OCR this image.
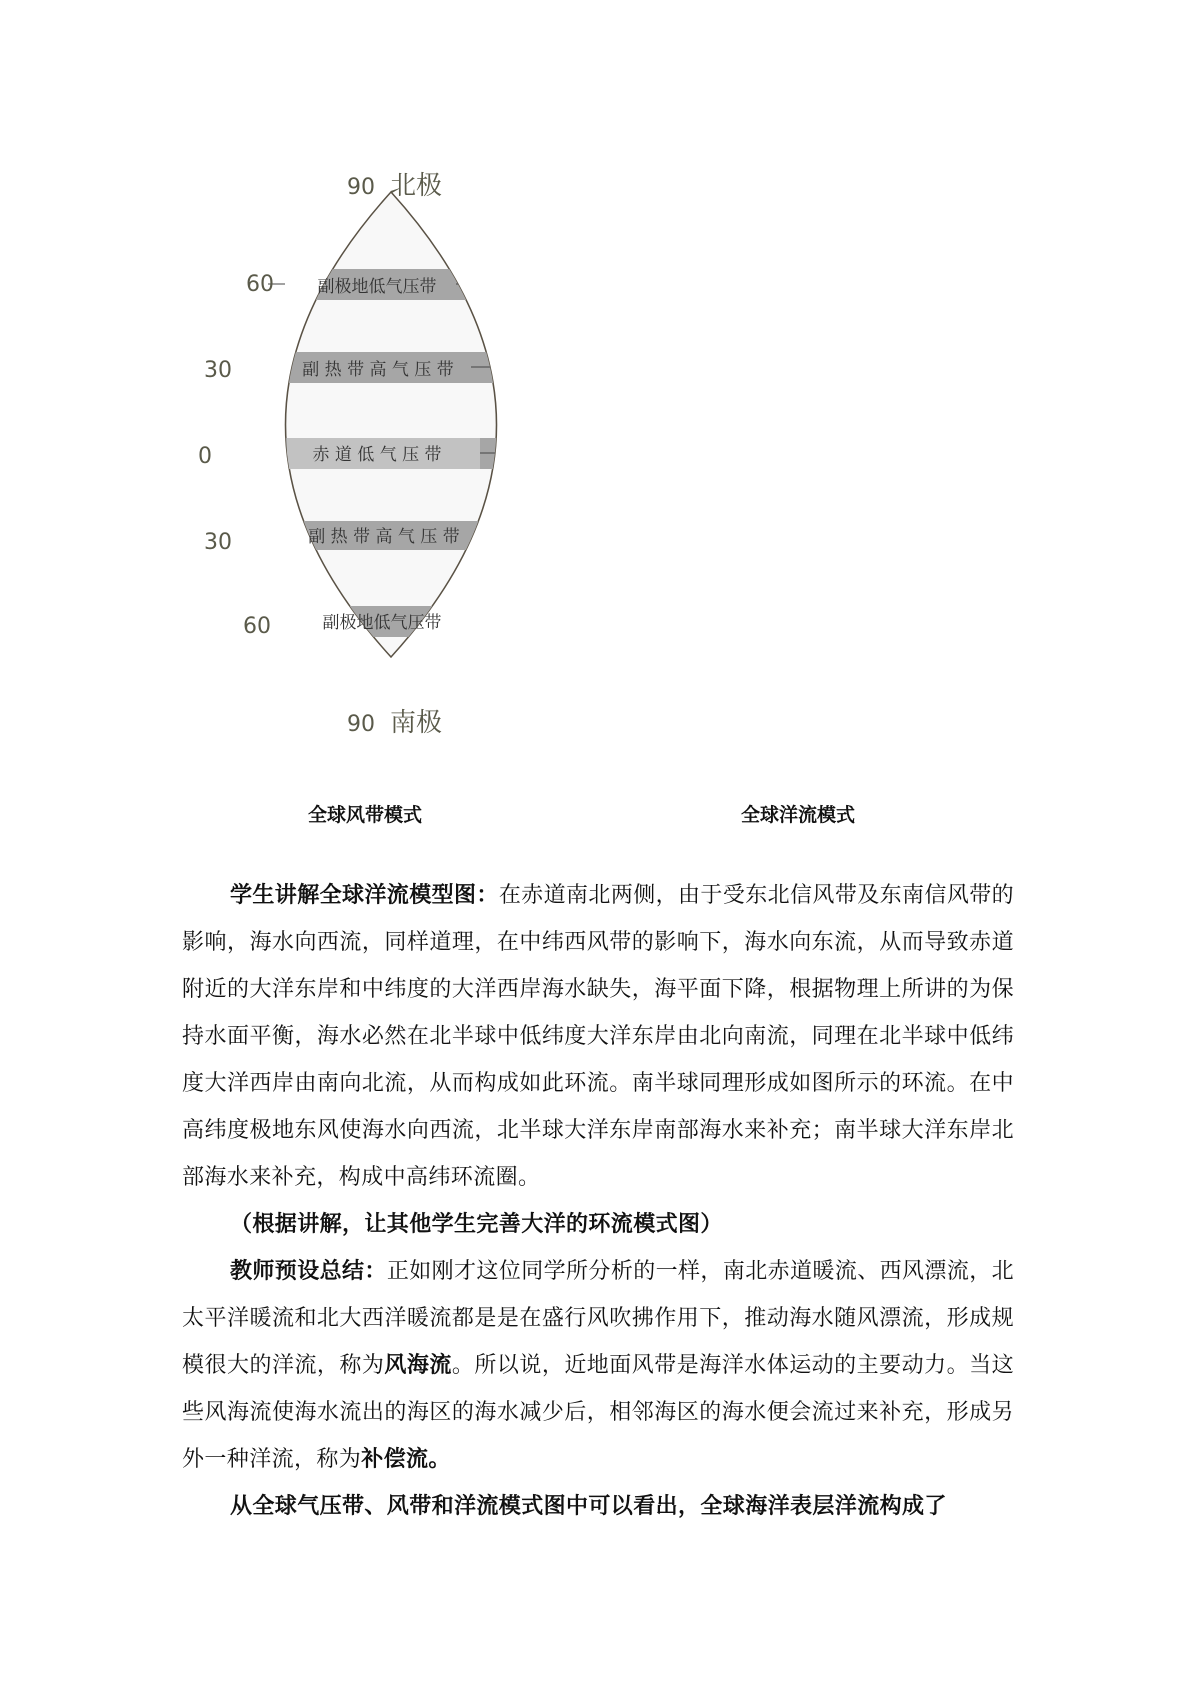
副极地低气压带
副 热 带 高 气 压 带
赤 道 低 气 压 带
副 热 带 高 气 压 带
副极地低气压带
60
30
0
30
60
90 北极
90 南极
全球风带模式	全球洋流模式

学生讲解全球洋流模型图：在赤道南北两侧，由于受东北信风带及东南信风带的影响，海水向西流，同样道理，在中纬西风带的影响下，海水向东流，从而导致赤道附近的大洋东岸和中纬度的大洋西岸海水缺失，海平面下降，根据物理上所讲的为保持水面平衡，海水必然在北半球中低纬度大洋东岸由北向南流，同理在北半球中低纬度大洋西岸由南向北流，从而构成如此环流。南半球同理形成如图所示的环流。在中高纬度极地东风使海水向西流，北半球大洋东岸南部海水来补充；南半球大洋东岸北部海水来补充，构成中高纬环流圈。

（根据讲解，让其他学生完善大洋的环流模式图）

教师预设总结：正如刚才这位同学所分析的一样，南北赤道暖流、西风漂流，北太平洋暖流和北大西洋暖流都是是在盛行风吹拂作用下，推动海水随风漂流，形成规模很大的洋流，称为风海流。所以说，近地面风带是海洋水体运动的主要动力。当这些风海流使海水流出的海区的海水减少后，相邻海区的海水便会流过来补充，形成另外一种洋流，称为补偿流。

从全球气压带、风带和洋流模式图中可以看出，全球海洋表层洋流构成了
